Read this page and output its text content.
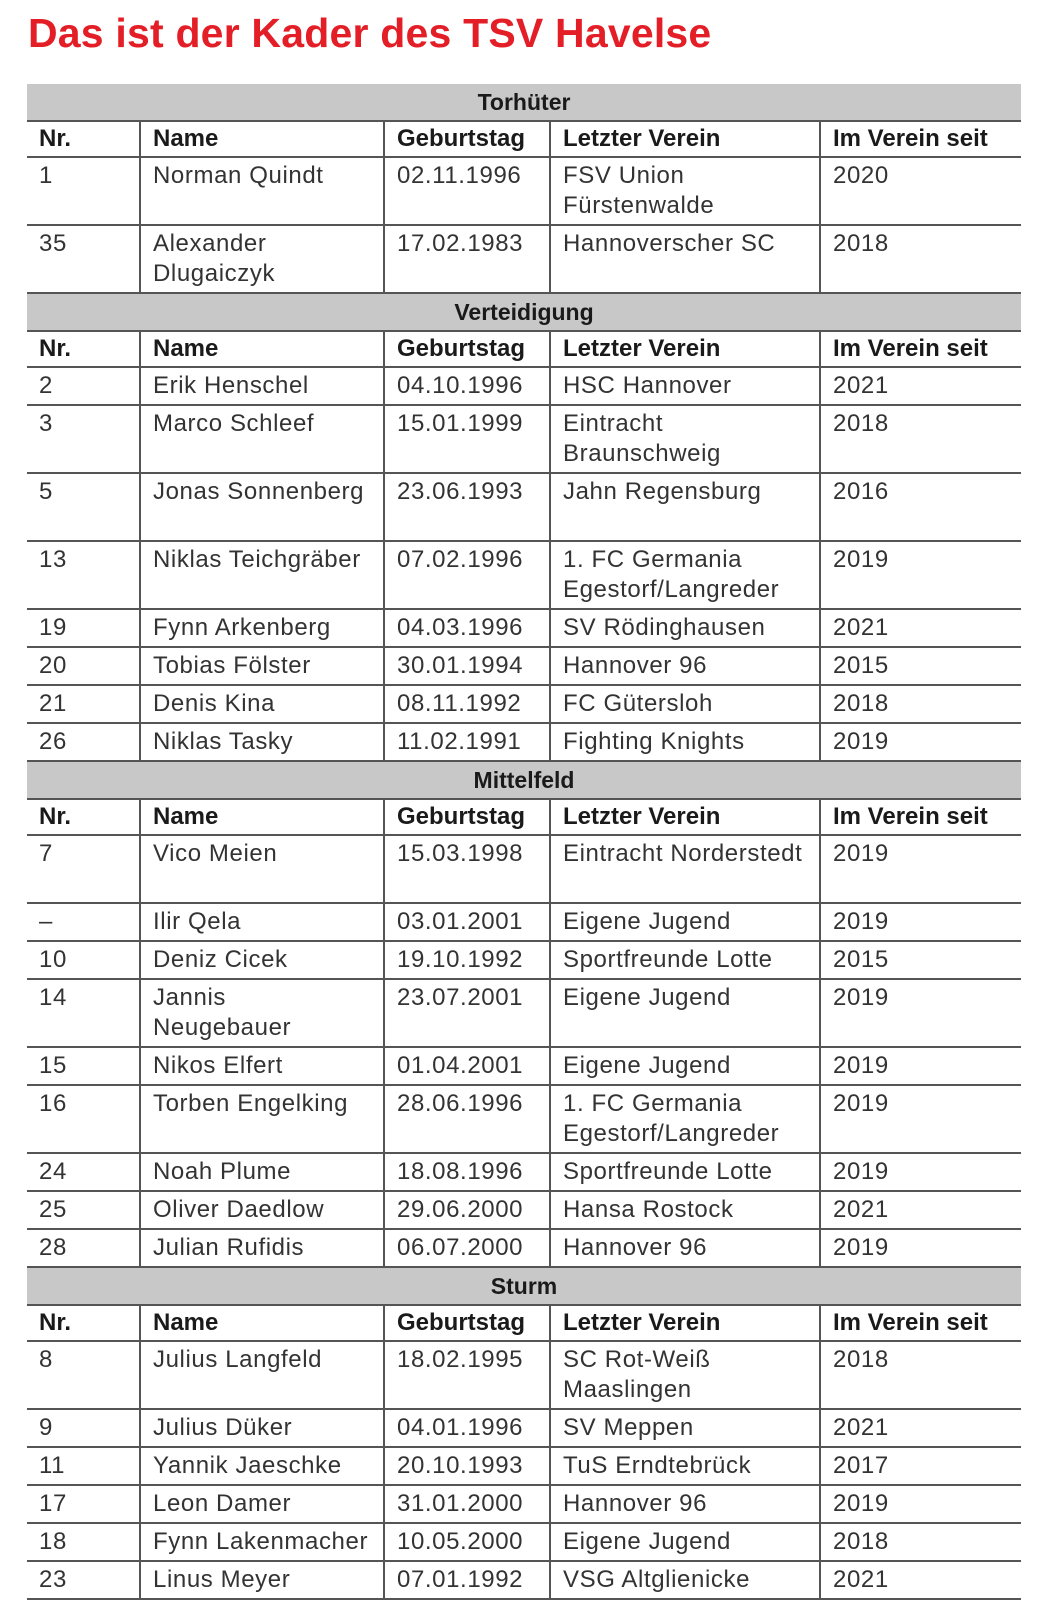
Das ist der Kader des TSV Havelse
Torhüter				
Nr.	Name	Geburtstag	Letzter Verein	Im Verein seit
1	Norman Quindt	02.11.1996	FSV Union Fürstenwalde	2020
35	Alexander Dlugaiczyk	17.02.1983	Hannoverscher SC	2018
Verteidigung				
Nr.	Name	Geburtstag	Letzter Verein	Im Verein seit
2	Erik Henschel	04.10.1996	HSC Hannover	2021
3	Marco Schleef	15.01.1999	Eintracht Braunschweig	2018
5	Jonas Sonnenberg	23.06.1993	Jahn Regensburg	2016
13	Niklas Teichgräber	07.02.1996	1. FC Germania Egestorf/Langreder	2019
19	Fynn Arkenberg	04.03.1996	SV Rödinghausen	2021
20	Tobias Fölster	30.01.1994	Hannover 96	2015
21	Denis Kina	08.11.1992	FC Gütersloh	2018
26	Niklas Tasky	11.02.1991	Fighting Knights	2019
Mittelfeld				
Nr.	Name	Geburtstag	Letzter Verein	Im Verein seit
7	Vico Meien	15.03.1998	Eintracht Norderstedt	2019
–	Ilir Qela	03.01.2001	Eigene Jugend	2019
10	Deniz Cicek	19.10.1992	Sportfreunde Lotte	2015
14	Jannis Neugebauer	23.07.2001	Eigene Jugend	2019
15	Nikos Elfert	01.04.2001	Eigene Jugend	2019
16	Torben Engelking	28.06.1996	1. FC Germania Egestorf/Langreder	2019
24	Noah Plume	18.08.1996	Sportfreunde Lotte	2019
25	Oliver Daedlow	29.06.2000	Hansa Rostock	2021
28	Julian Rufidis	06.07.2000	Hannover 96	2019
Sturm				
Nr.	Name	Geburtstag	Letzter Verein	Im Verein seit
8	Julius Langfeld	18.02.1995	SC Rot-Weiß Maaslingen	2018
9	Julius Düker	04.01.1996	SV Meppen	2021
11	Yannik Jaeschke	20.10.1993	TuS Erndtebrück	2017
17	Leon Damer	31.01.2000	Hannover 96	2019
18	Fynn Lakenmacher	10.05.2000	Eigene Jugend	2018
23	Linus Meyer	07.01.1992	VSG Altglienicke	2021
